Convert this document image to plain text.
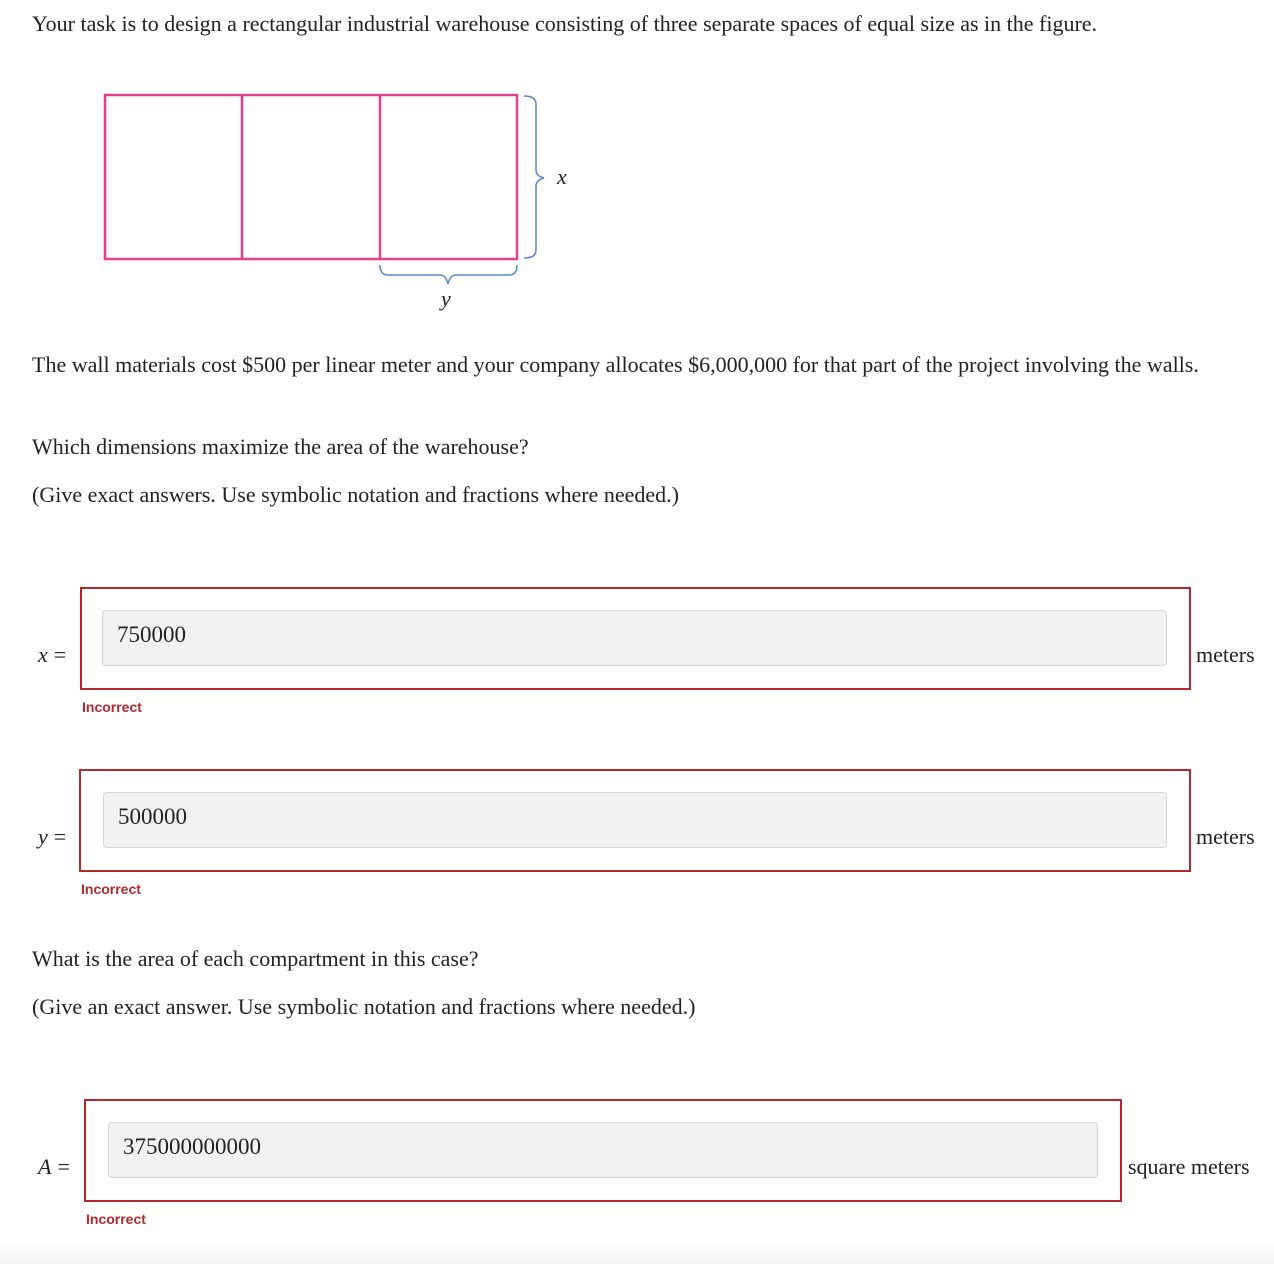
Your task is to design a rectangular industrial warehouse consisting of three separate spaces of equal size as in the figure.

x
y

The wall materials cost $500 per linear meter and your company allocates $6,000,000 for that part of the project involving the walls.

Which dimensions maximize the area of the warehouse?

(Give exact answers. Use symbolic notation and fractions where needed.)

x =
750000
meters
Incorrect
y =
500000
meters
Incorrect

What is the area of each compartment in this case?

(Give an exact answer. Use symbolic notation and fractions where needed.)

A =
375000000000
square meters
Incorrect
